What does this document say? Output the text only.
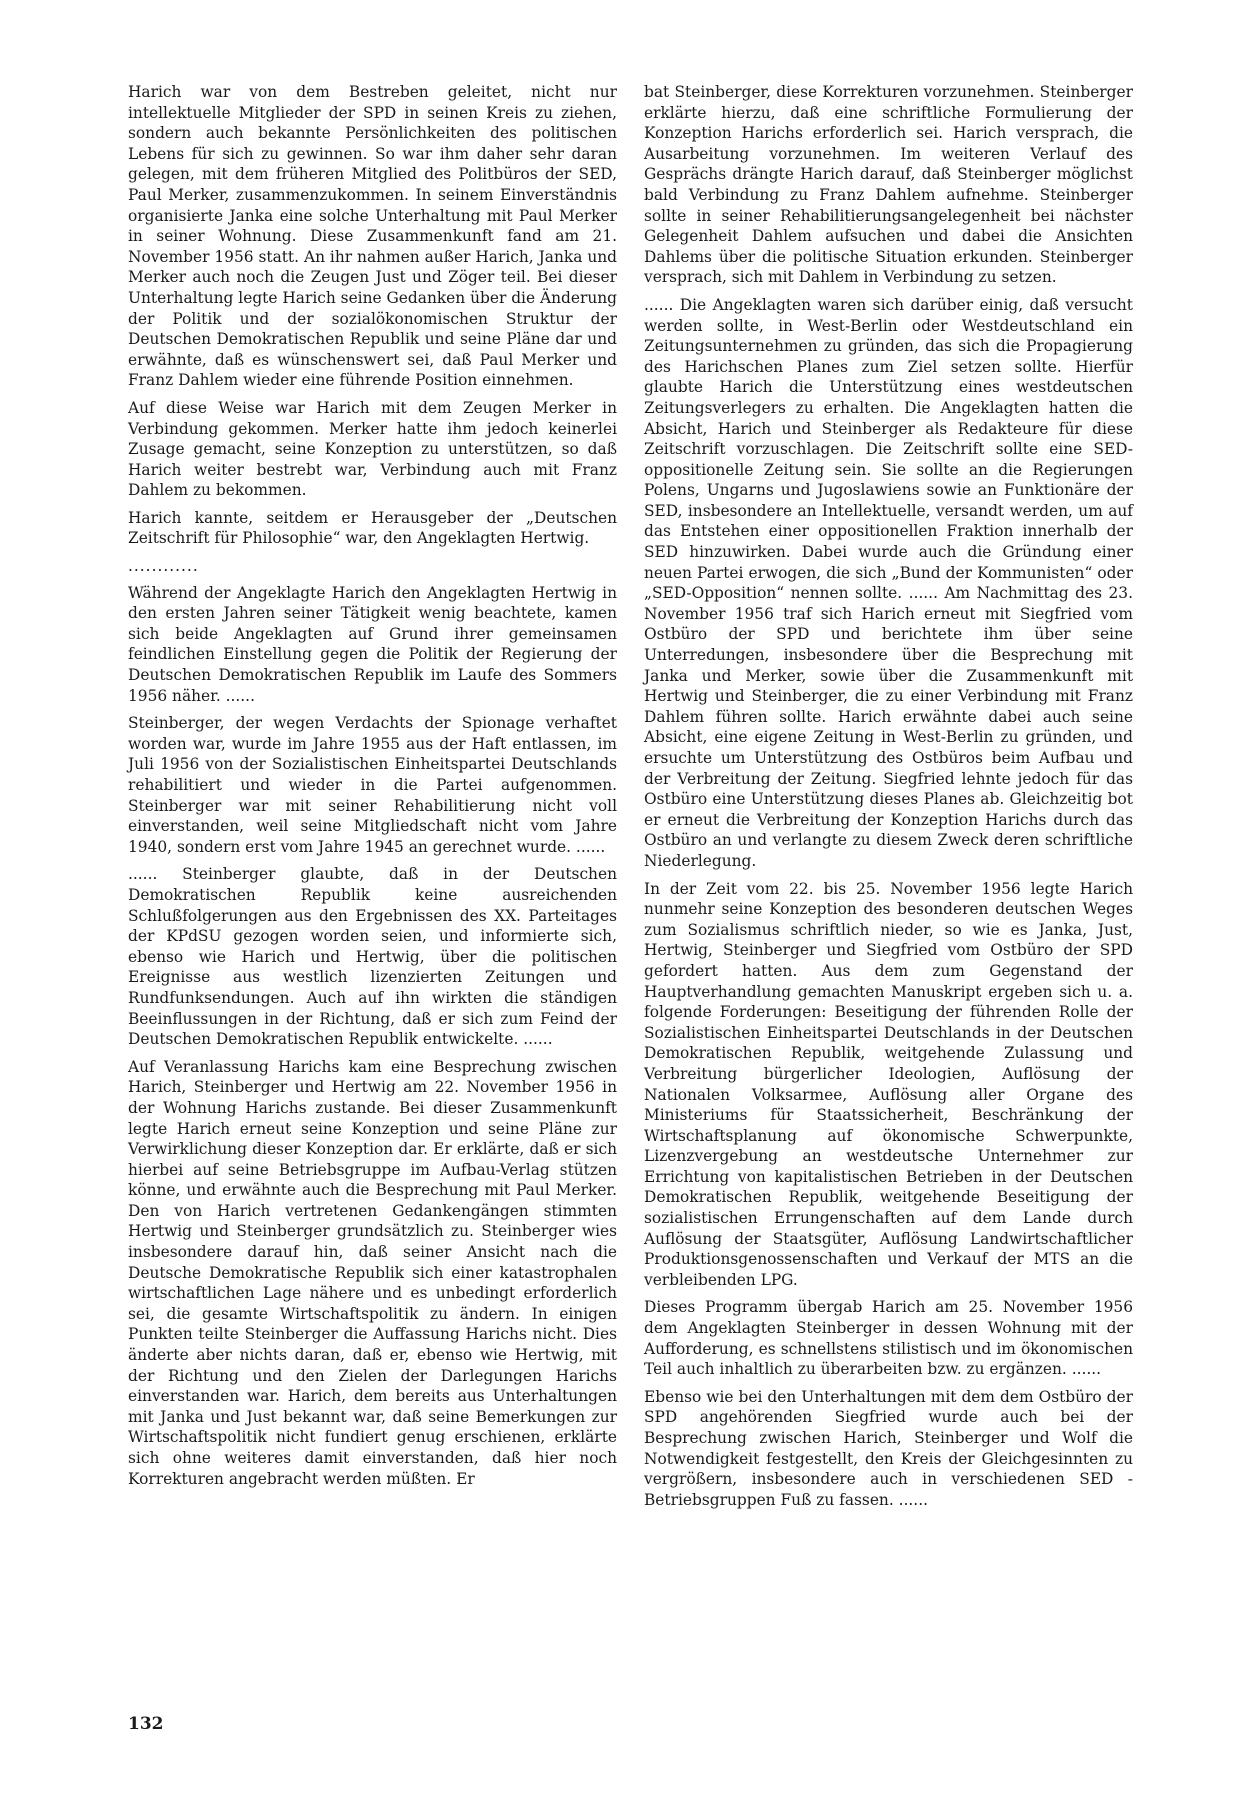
Harich war von dem Bestreben geleitet, nicht nur intellektuelle Mitglieder der SPD in seinen Kreis zu ziehen, sondern auch bekannte Persönlichkeiten des politischen Lebens für sich zu gewinnen. So war ihm daher sehr daran gelegen, mit dem früheren Mitglied des Politbüros der SED, Paul Merker, zusammenzukommen. In seinem Einverständnis organisierte Janka eine solche Unterhaltung mit Paul Merker in seiner Wohnung. Diese Zusammenkunft fand am 21. November 1956 statt. An ihr nahmen außer Harich, Janka und Merker auch noch die Zeugen Just und Zöger teil. Bei dieser Unterhaltung legte Harich seine Gedanken über die Änderung der Politik und der sozialökonomischen Struktur der Deutschen Demokratischen Republik und seine Pläne dar und erwähnte, daß es wünschenswert sei, daß Paul Merker und Franz Dahlem wieder eine führende Position einnehmen.

Auf diese Weise war Harich mit dem Zeugen Merker in Verbindung gekommen. Merker hatte ihm jedoch keinerlei Zusage gemacht, seine Konzeption zu unterstützen, so daß Harich weiter bestrebt war, Verbindung auch mit Franz Dahlem zu bekommen.

Harich kannte, seitdem er Herausgeber der „Deutschen Zeitschrift für Philosophie“ war, den Angeklagten Hertwig.

............

Während der Angeklagte Harich den Angeklagten Hertwig in den ersten Jahren seiner Tätigkeit wenig beachtete, kamen sich beide Angeklagten auf Grund ihrer gemeinsamen feindlichen Einstellung gegen die Politik der Regierung der Deutschen Demokratischen Republik im Laufe des Sommers 1956 näher. ......

Steinberger, der wegen Verdachts der Spionage verhaftet worden war, wurde im Jahre 1955 aus der Haft entlassen, im Juli 1956 von der Sozialistischen Einheitspartei Deutschlands rehabilitiert und wieder in die Partei aufgenommen. Steinberger war mit seiner Rehabilitierung nicht voll einverstanden, weil seine Mitgliedschaft nicht vom Jahre 1940, sondern erst vom Jahre 1945 an gerechnet wurde. ......

...... Steinberger glaubte, daß in der Deutschen Demokratischen Republik keine ausreichenden Schlußfolgerungen aus den Ergebnissen des XX. Parteitages der KPdSU gezogen worden seien, und informierte sich, ebenso wie Harich und Hertwig, über die politischen Ereignisse aus westlich lizenzierten Zeitungen und Rundfunksendungen. Auch auf ihn wirkten die ständigen Beeinflussungen in der Richtung, daß er sich zum Feind der Deutschen Demokratischen Republik entwickelte. ......

Auf Veranlassung Harichs kam eine Besprechung zwischen Harich, Steinberger und Hertwig am 22. November 1956 in der Wohnung Harichs zustande. Bei dieser Zusammenkunft legte Harich erneut seine Konzeption und seine Pläne zur Verwirklichung dieser Konzeption dar. Er erklärte, daß er sich hierbei auf seine Betriebsgruppe im Aufbau-Verlag stützen könne, und erwähnte auch die Besprechung mit Paul Merker. Den von Harich vertretenen Gedankengängen stimmten Hertwig und Steinberger grundsätzlich zu. Steinberger wies insbesondere darauf hin, daß seiner Ansicht nach die Deutsche Demokratische Republik sich einer katastrophalen wirtschaftlichen Lage nähere und es unbedingt erforderlich sei, die gesamte Wirtschaftspolitik zu ändern. In einigen Punkten teilte Steinberger die Auffassung Harichs nicht. Dies änderte aber nichts daran, daß er, ebenso wie Hertwig, mit der Richtung und den Zielen der Darlegungen Harichs einverstanden war. Harich, dem bereits aus Unterhaltungen mit Janka und Just bekannt war, daß seine Bemerkungen zur Wirtschaftspolitik nicht fundiert genug erschienen, erklärte sich ohne weiteres damit einverstanden, daß hier noch Korrekturen angebracht werden müßten. Er

bat Steinberger, diese Korrekturen vorzunehmen. Steinberger erklärte hierzu, daß eine schriftliche Formulierung der Konzeption Harichs erforderlich sei. Harich versprach, die Ausarbeitung vorzunehmen. Im weiteren Verlauf des Gesprächs drängte Harich darauf, daß Steinberger möglichst bald Verbindung zu Franz Dahlem aufnehme. Steinberger sollte in seiner Rehabilitierungsangelegenheit bei nächster Gelegenheit Dahlem aufsuchen und dabei die Ansichten Dahlems über die politische Situation erkunden. Steinberger versprach, sich mit Dahlem in Verbindung zu setzen.

...... Die Angeklagten waren sich darüber einig, daß versucht werden sollte, in West-Berlin oder Westdeutschland ein Zeitungsunternehmen zu gründen, das sich die Propagierung des Harichschen Planes zum Ziel setzen sollte. Hierfür glaubte Harich die Unterstützung eines westdeutschen Zeitungsverlegers zu erhalten. Die Angeklagten hatten die Absicht, Harich und Steinberger als Redakteure für diese Zeitschrift vorzuschlagen. Die Zeitschrift sollte eine SED-oppositionelle Zeitung sein. Sie sollte an die Regierungen Polens, Ungarns und Jugoslawiens sowie an Funktionäre der SED, insbesondere an Intellektuelle, versandt werden, um auf das Entstehen einer oppositionellen Fraktion innerhalb der SED hinzuwirken. Dabei wurde auch die Gründung einer neuen Partei erwogen, die sich „Bund der Kommunisten“ oder „SED-Opposition“ nennen sollte. ...... Am Nachmittag des 23. November 1956 traf sich Harich erneut mit Siegfried vom Ostbüro der SPD und berichtete ihm über seine Unterredungen, insbesondere über die Besprechung mit Janka und Merker, sowie über die Zusammenkunft mit Hertwig und Steinberger, die zu einer Verbindung mit Franz Dahlem führen sollte. Harich erwähnte dabei auch seine Absicht, eine eigene Zeitung in West-Berlin zu gründen, und ersuchte um Unterstützung des Ostbüros beim Aufbau und der Verbreitung der Zeitung. Siegfried lehnte jedoch für das Ostbüro eine Unterstützung dieses Planes ab. Gleichzeitig bot er erneut die Verbreitung der Konzeption Harichs durch das Ostbüro an und verlangte zu diesem Zweck deren schriftliche Niederlegung.

In der Zeit vom 22. bis 25. November 1956 legte Harich nunmehr seine Konzeption des besonderen deutschen Weges zum Sozialismus schriftlich nieder, so wie es Janka, Just, Hertwig, Steinberger und Siegfried vom Ostbüro der SPD gefordert hatten. Aus dem zum Gegenstand der Hauptverhandlung gemachten Manuskript ergeben sich u. a. folgende Forderungen: Beseitigung der führenden Rolle der Sozialistischen Einheitspartei Deutschlands in der Deutschen Demokratischen Republik, weitgehende Zulassung und Verbreitung bürgerlicher Ideologien, Auflösung der Nationalen Volksarmee, Auflösung aller Organe des Ministeriums für Staatssicherheit, Beschränkung der Wirtschaftsplanung auf ökonomische Schwerpunkte, Lizenzvergebung an westdeutsche Unternehmer zur Errichtung von kapitalistischen Betrieben in der Deutschen Demokratischen Republik, weitgehende Beseitigung der sozialistischen Errungenschaften auf dem Lande durch Auflösung der Staatsgüter, Auflösung Landwirtschaftlicher Produktionsgenossenschaften und Verkauf der MTS an die verbleibenden LPG.

Dieses Programm übergab Harich am 25. November 1956 dem Angeklagten Steinberger in dessen Wohnung mit der Aufforderung, es schnellstens stilistisch und im ökonomischen Teil auch inhaltlich zu überarbeiten bzw. zu ergänzen. ......

Ebenso wie bei den Unterhaltungen mit dem dem Ostbüro der SPD angehörenden Siegfried wurde auch bei der Besprechung zwischen Harich, Steinberger und Wolf die Notwendigkeit festgestellt, den Kreis der Gleichgesinnten zu vergrößern, insbesondere auch in verschiedenen SED - Betriebsgruppen Fuß zu fassen. ......

132
